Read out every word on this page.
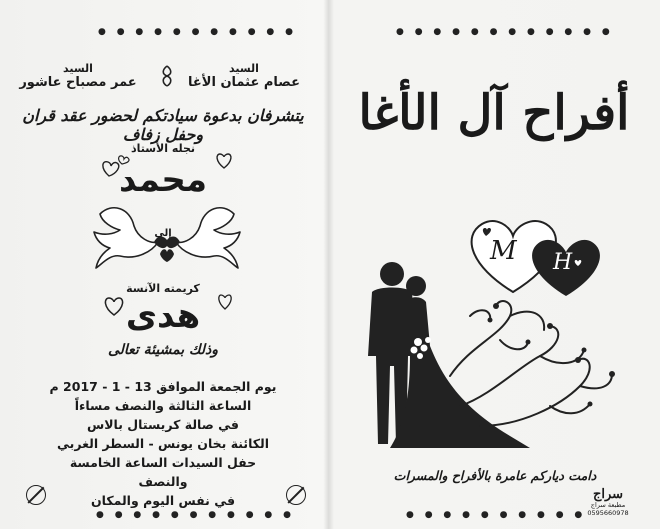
● ● ● ● ● ● ● ● ● ● ●
السيد
عصام عثمان الأغا
السيد
عمر مصباح عاشور
يتشرفان بدعوة سيادتكم لحضور عقد قران وحفل زفاف
نجله الأستاذ
محمد
إلى
كريمته الآنسة
هدى
وذلك بمشيئة تعالى
يوم الجمعة الموافق 13 - 1 - 2017 م
الساعة الثالثة والنصف مساءاً
في صالة كريستال بالاس
الكائنة بخان يونس - السطر الغربي
حفل السيدات الساعة الخامسة والنصف
في نفس اليوم والمكان
● ● ● ● ● ● ● ● ● ● ●
● ● ● ● ● ● ● ● ● ● ● ●
أفراح آل الأغا
M H
دامت دياركم عامرة بالأفراح والمسرات
سراج
مطبعة سراج
0595660978
● ● ● ● ● ● ● ● ● ●
